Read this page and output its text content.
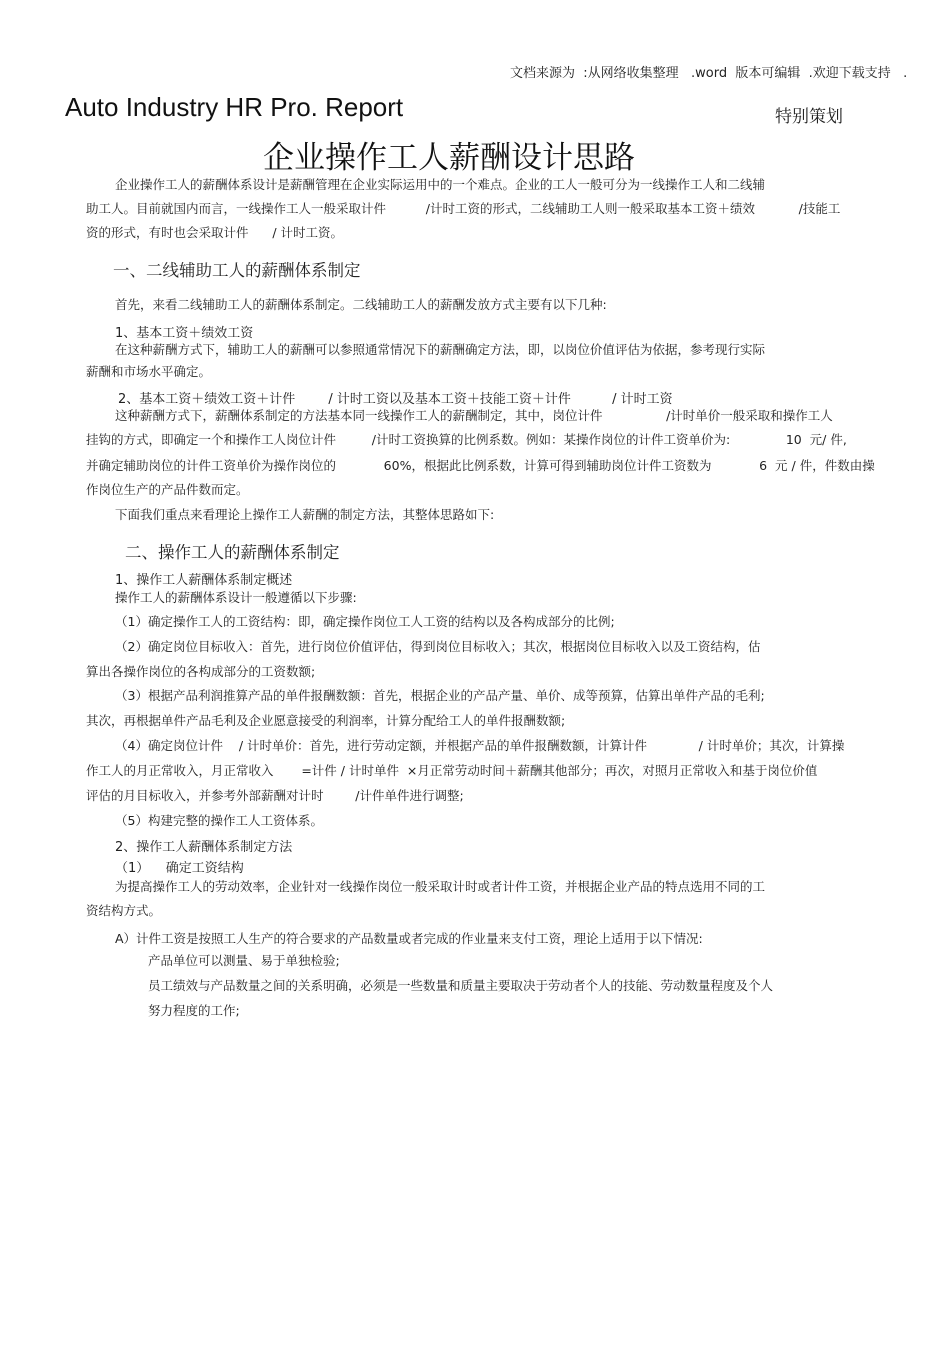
文档来源为  :从网络收集整理   .word  版本可编辑  .欢迎下载支持   .
Auto Industry HR Pro. Report	特别策划
企业操作工人薪酬设计思路
企业操作工人的薪酬体系设计是薪酬管理在企业实际运用中的一个难点。企业的工人一般可分为一线操作工人和二线辅
助工人。目前就国内而言，一线操作工人一般采取计件          /计时工资的形式，二线辅助工人则一般采取基本工资＋绩效           /技能工
资的形式，有时也会采取计件      / 计时工资。
一、二线辅助工人的薪酬体系制定
首先，来看二线辅助工人的薪酬体系制定。二线辅助工人的薪酬发放方式主要有以下几种:
1、基本工资＋绩效工资
在这种薪酬方式下，辅助工人的薪酬可以参照通常情况下的薪酬确定方法，即，以岗位价值评估为依据，参考现行实际
薪酬和市场水平确定。
2、基本工资＋绩效工资＋计件        / 计时工资以及基本工资＋技能工资＋计件          / 计时工资
这种薪酬方式下，薪酬体系制定的方法基本同一线操作工人的薪酬制定，其中，岗位计件                /计时单价一般采取和操作工人
挂钩的方式，即确定一个和操作工人岗位计件         /计时工资换算的比例系数。例如：某操作岗位的计件工资单价为:              10  元/ 件,
并确定辅助岗位的计件工资单价为操作岗位的            60%，根据此比例系数，计算可得到辅助岗位计件工资数为            6  元 / 件，件数由操
作岗位生产的产品件数而定。
下面我们重点来看理论上操作工人薪酬的制定方法，其整体思路如下:
二、操作工人的薪酬体系制定
1、操作工人薪酬体系制定概述
操作工人的薪酬体系设计一般遵循以下步骤:
（1）确定操作工人的工资结构：即，确定操作岗位工人工资的结构以及各构成部分的比例;
（2）确定岗位目标收入：首先，进行岗位价值评估，得到岗位目标收入；其次，根据岗位目标收入以及工资结构，估
算出各操作岗位的各构成部分的工资数额;
（3）根据产品利润推算产品的单件报酬数额：首先，根据企业的产品产量、单价、成等预算，估算出单件产品的毛利;
其次，再根据单件产品毛利及企业愿意接受的利润率，计算分配给工人的单件报酬数额;
（4）确定岗位计件    / 计时单价：首先，进行劳动定额，并根据产品的单件报酬数额，计算计件             / 计时单价；其次，计算操
作工人的月正常收入，月正常收入       =计件 / 计时单件  ×月正常劳动时间＋薪酬其他部分；再次，对照月正常收入和基于岗位价值
评估的月目标收入，并参考外部薪酬对计时        /计件单件进行调整;
（5）构建完整的操作工人工资体系。
2、操作工人薪酬体系制定方法
（1）    确定工资结构
为提高操作工人的劳动效率，企业针对一线操作岗位一般采取计时或者计件工资，并根据企业产品的特点选用不同的工
资结构方式。
A）计件工资是按照工人生产的符合要求的产品数量或者完成的作业量来支付工资，理论上适用于以下情况:
产品单位可以测量、易于单独检验;
员工绩效与产品数量之间的关系明确，必须是一些数量和质量主要取决于劳动者个人的技能、劳动数量程度及个人
努力程度的工作;
